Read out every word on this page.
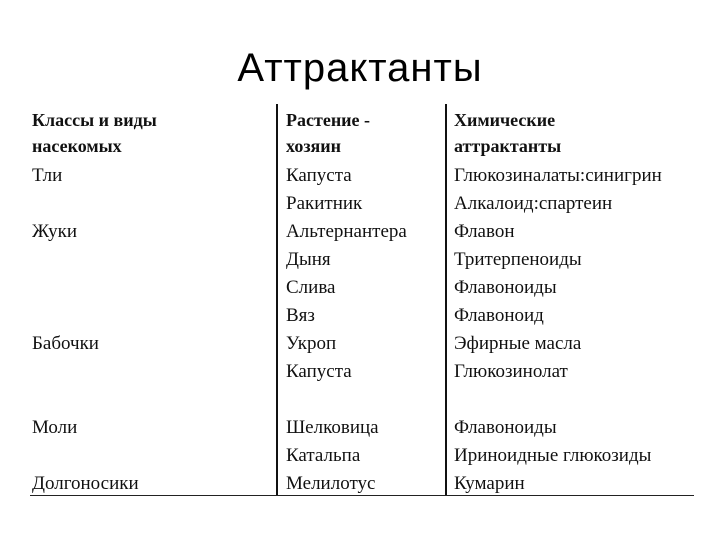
Аттрактанты
Классы и виды
насекомых
Тли
Жуки
Бабочки
Моли
Долгоносики
Растение -
хозяин
Капуста
Ракитник
Альтернантера
Дыня
Слива
Вяз
Укроп
Капуста
Шелковица
Катальпа
Мелилотус
Химические
аттрактанты
Глюкозиналаты:синигрин
Алкалоид:спартеин
Флавон
Тритерпеноиды
Флавоноиды
Флавоноид
Эфирные масла
Глюкозинолат
Флавоноиды
Ириноидные глюкозиды
Кумарин
